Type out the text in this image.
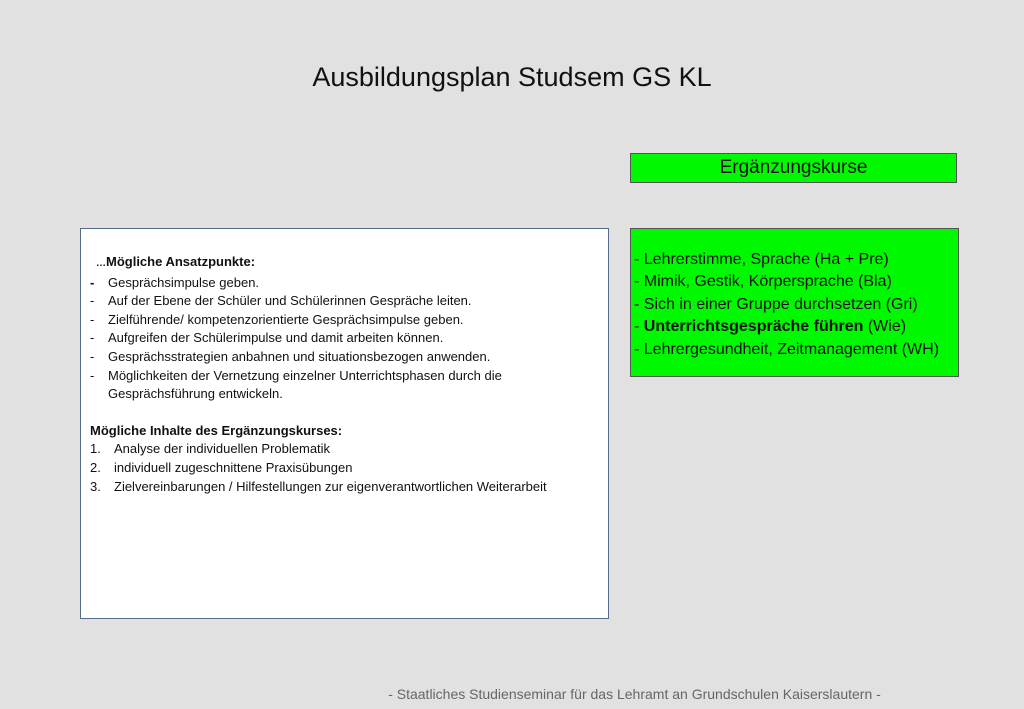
Ausbildungsplan Studsem GS KL
Ergänzungskurse
…Mögliche Ansatzpunkte:
- Gesprächsimpulse geben.
- Auf der Ebene der Schüler und Schülerinnen Gespräche leiten.
- Zielführende/ kompetenzorientierte Gesprächsimpulse geben.
- Aufgreifen der Schülerimpulse und damit arbeiten können.
- Gesprächsstrategien anbahnen und situationsbezogen anwenden.
- Möglichkeiten der Vernetzung einzelner Unterrichtsphasen durch die Gesprächsführung entwickeln.
Mögliche Inhalte des Ergänzungskurses:
1. Analyse der individuellen Problematik
2. individuell zugeschnittene Praxisübungen
3. Zielvereinbarungen / Hilfestellungen zur eigenverantwortlichen Weiterarbeit
- Lehrerstimme, Sprache (Ha + Pre)
- Mimik, Gestik, Körpersprache (Bla)
- Sich in einer Gruppe durchsetzen (Gri)
- Unterrichtsgespräche führen (Wie)
- Lehrergesundheit, Zeitmanagement (WH)
- Staatliches Studienseminar für das Lehramt an Grundschulen Kaiserslautern -
